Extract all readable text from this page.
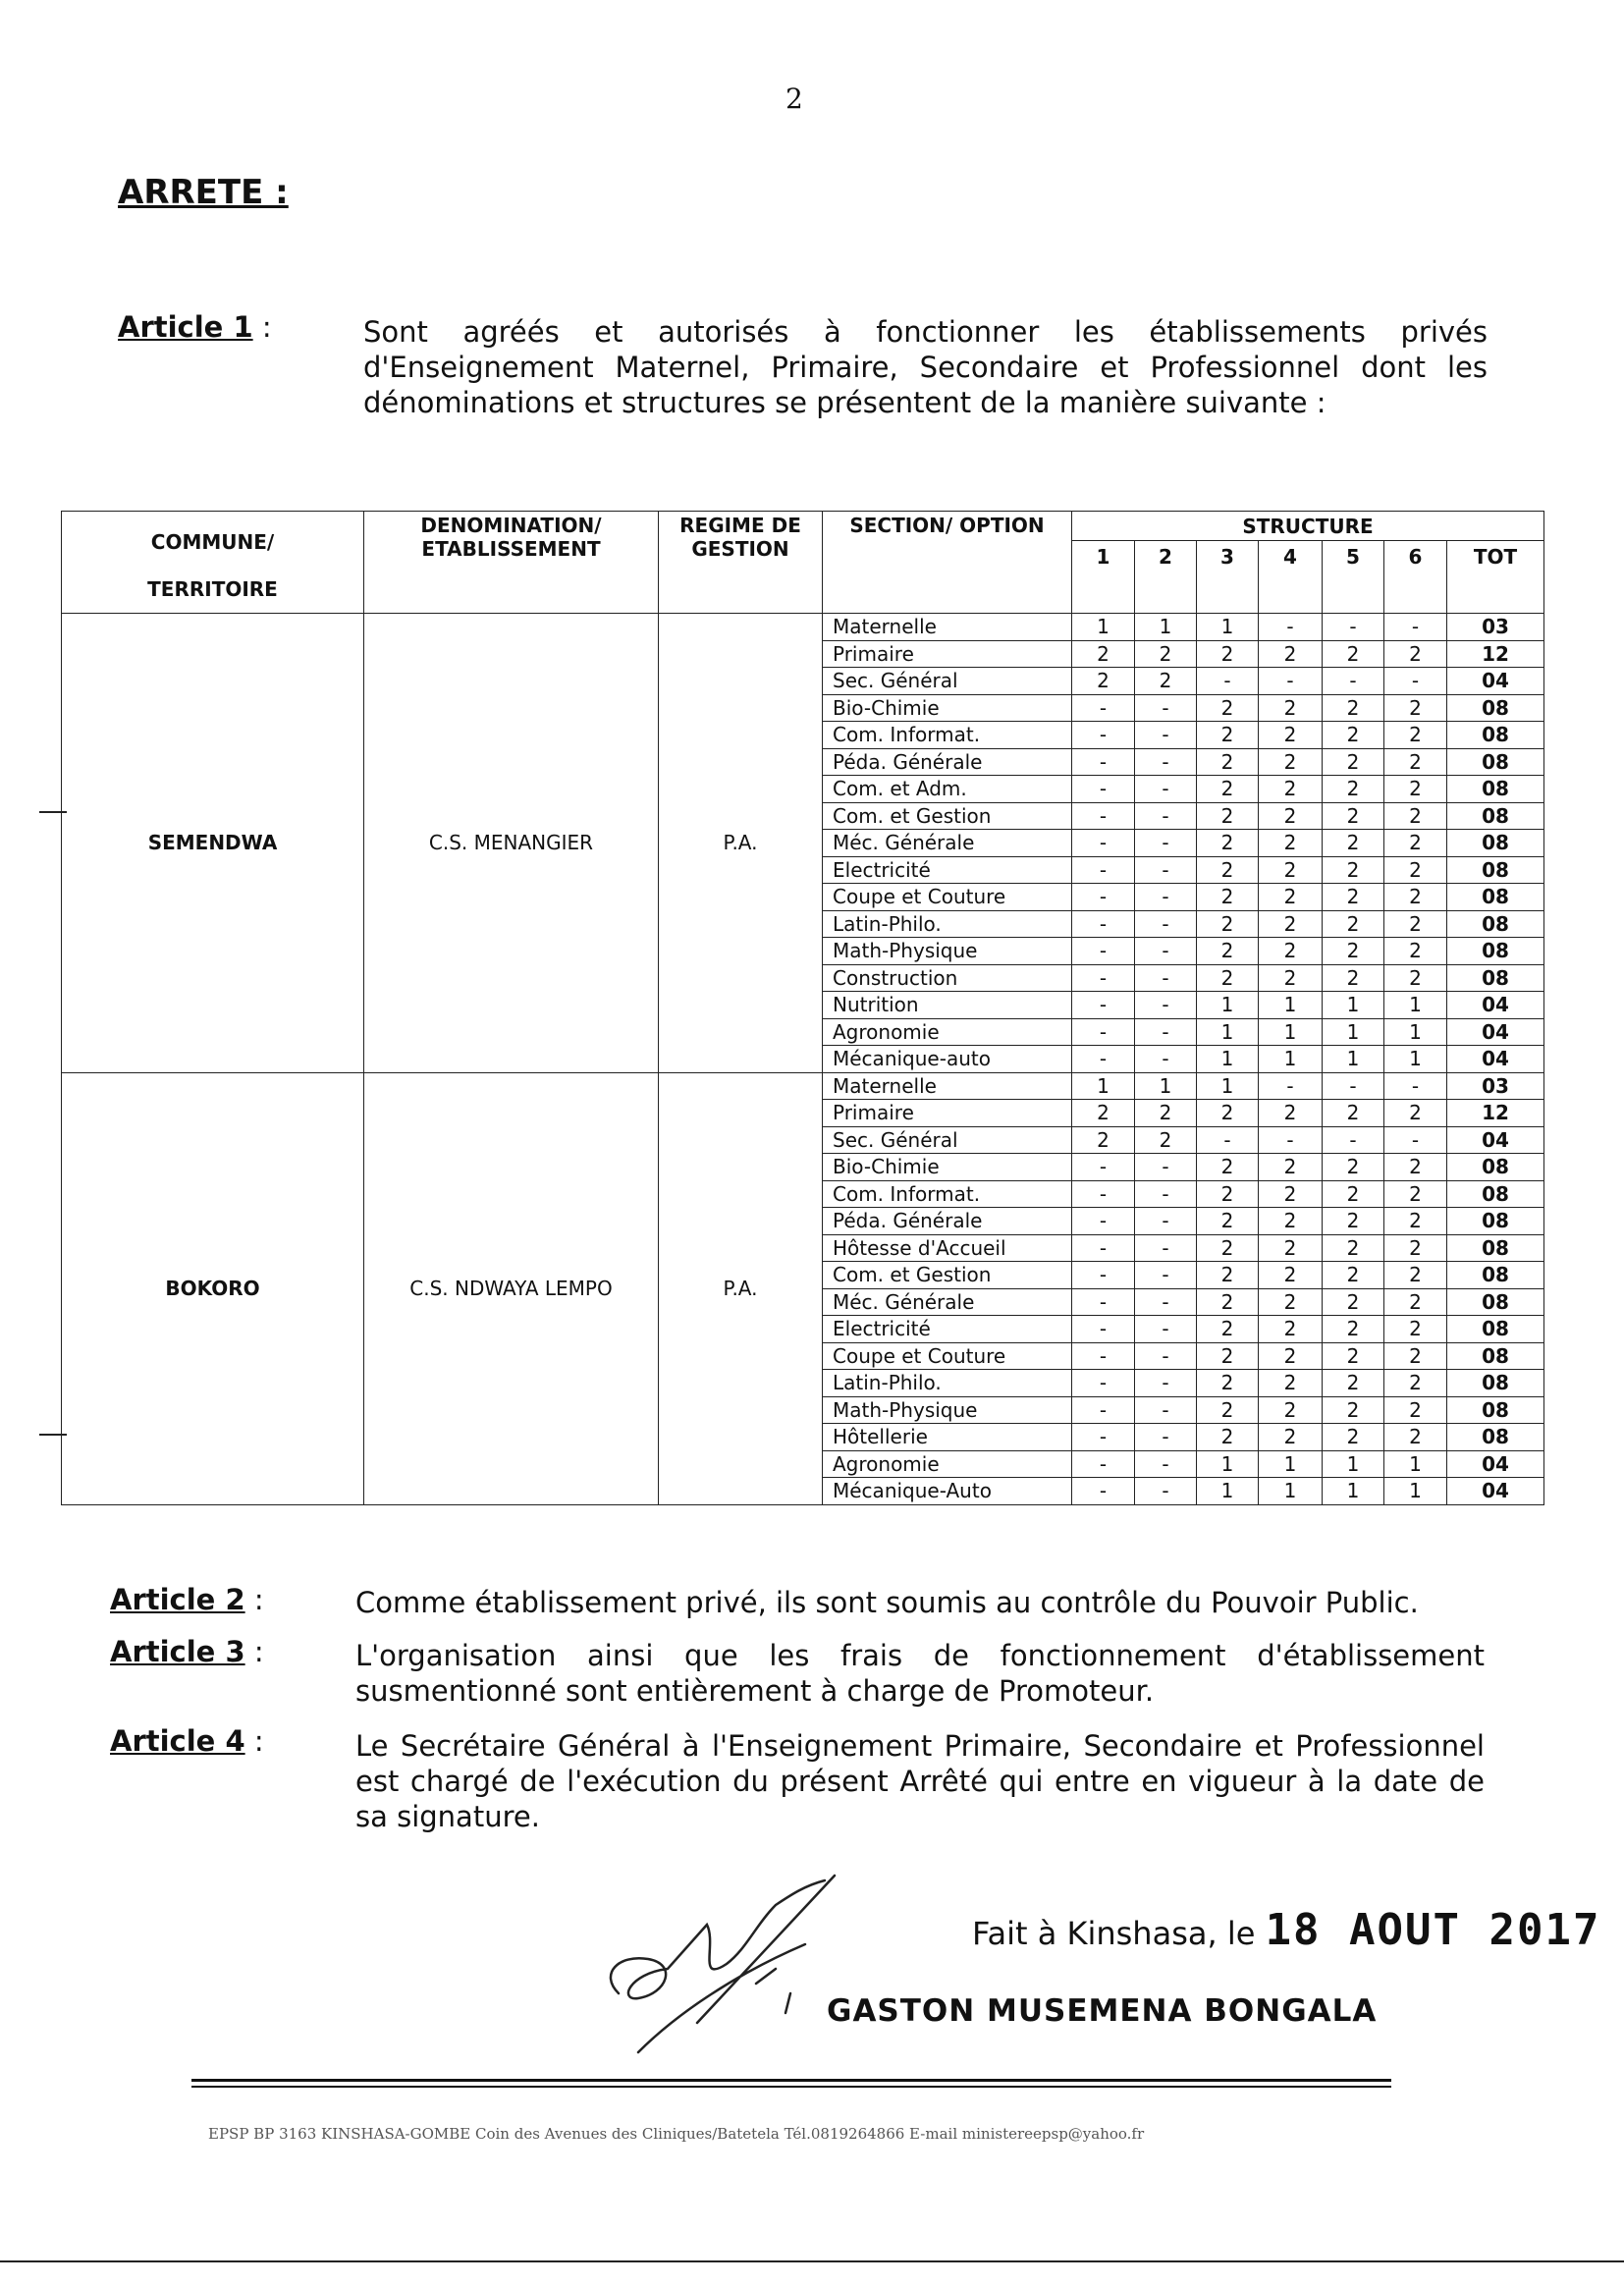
2
ARRETE :
Article 1 :	Sont agréés et autorisés à fonctionner les établissements privés d'Enseignement Maternel, Primaire, Secondaire et Professionnel dont les dénominations et structures se présentent de la manière suivante :
COMMUNE/
TERRITOIRE	DENOMINATION/ ETABLISSEMENT	REGIME DE GESTION	SECTION/ OPTION	STRUCTURE						
				1	2	3	4	5	6	TOT
SEMENDWA	C.S. MENANGIER	P.A.	Maternelle	1	1	1	-	-	-	03
			Primaire	2	2	2	2	2	2	12
			Sec. Général	2	2	-	-	-	-	04
			Bio-Chimie	-	-	2	2	2	2	08
			Com. Informat.	-	-	2	2	2	2	08
			Péda. Générale	-	-	2	2	2	2	08
			Com. et Adm.	-	-	2	2	2	2	08
			Com. et Gestion	-	-	2	2	2	2	08
			Méc. Générale	-	-	2	2	2	2	08
			Electricité	-	-	2	2	2	2	08
			Coupe et Couture	-	-	2	2	2	2	08
			Latin-Philo.	-	-	2	2	2	2	08
			Math-Physique	-	-	2	2	2	2	08
			Construction	-	-	2	2	2	2	08
			Nutrition	-	-	1	1	1	1	04
			Agronomie	-	-	1	1	1	1	04
			Mécanique-auto	-	-	1	1	1	1	04
BOKORO	C.S. NDWAYA LEMPO	P.A.	Maternelle	1	1	1	-	-	-	03
			Primaire	2	2	2	2	2	2	12
			Sec. Général	2	2	-	-	-	-	04
			Bio-Chimie	-	-	2	2	2	2	08
			Com. Informat.	-	-	2	2	2	2	08
			Péda. Générale	-	-	2	2	2	2	08
			Hôtesse d'Accueil	-	-	2	2	2	2	08
			Com. et Gestion	-	-	2	2	2	2	08
			Méc. Générale	-	-	2	2	2	2	08
			Electricité	-	-	2	2	2	2	08
			Coupe et Couture	-	-	2	2	2	2	08
			Latin-Philo.	-	-	2	2	2	2	08
			Math-Physique	-	-	2	2	2	2	08
			Hôtellerie	-	-	2	2	2	2	08
			Agronomie	-	-	1	1	1	1	04
			Mécanique-Auto	-	-	1	1	1	1	04
Article 2 :	Comme établissement privé, ils sont soumis au contrôle du Pouvoir Public.
Article 3 :	L'organisation ainsi que les frais de fonctionnement d'établissement susmentionné sont entièrement à charge de Promoteur.
Article 4 :	Le Secrétaire Général à l'Enseignement Primaire, Secondaire et Professionnel est chargé de l'exécution du présent Arrêté qui entre en vigueur à la date de sa signature.
Fait à Kinshasa, le 18 AOUT 2017
GASTON MUSEMENA BONGALA
EPSP BP 3163 KINSHASA-GOMBE Coin des Avenues des Cliniques/Batetela Tél.0819264866 E-mail ministereepsp@yahoo.fr
